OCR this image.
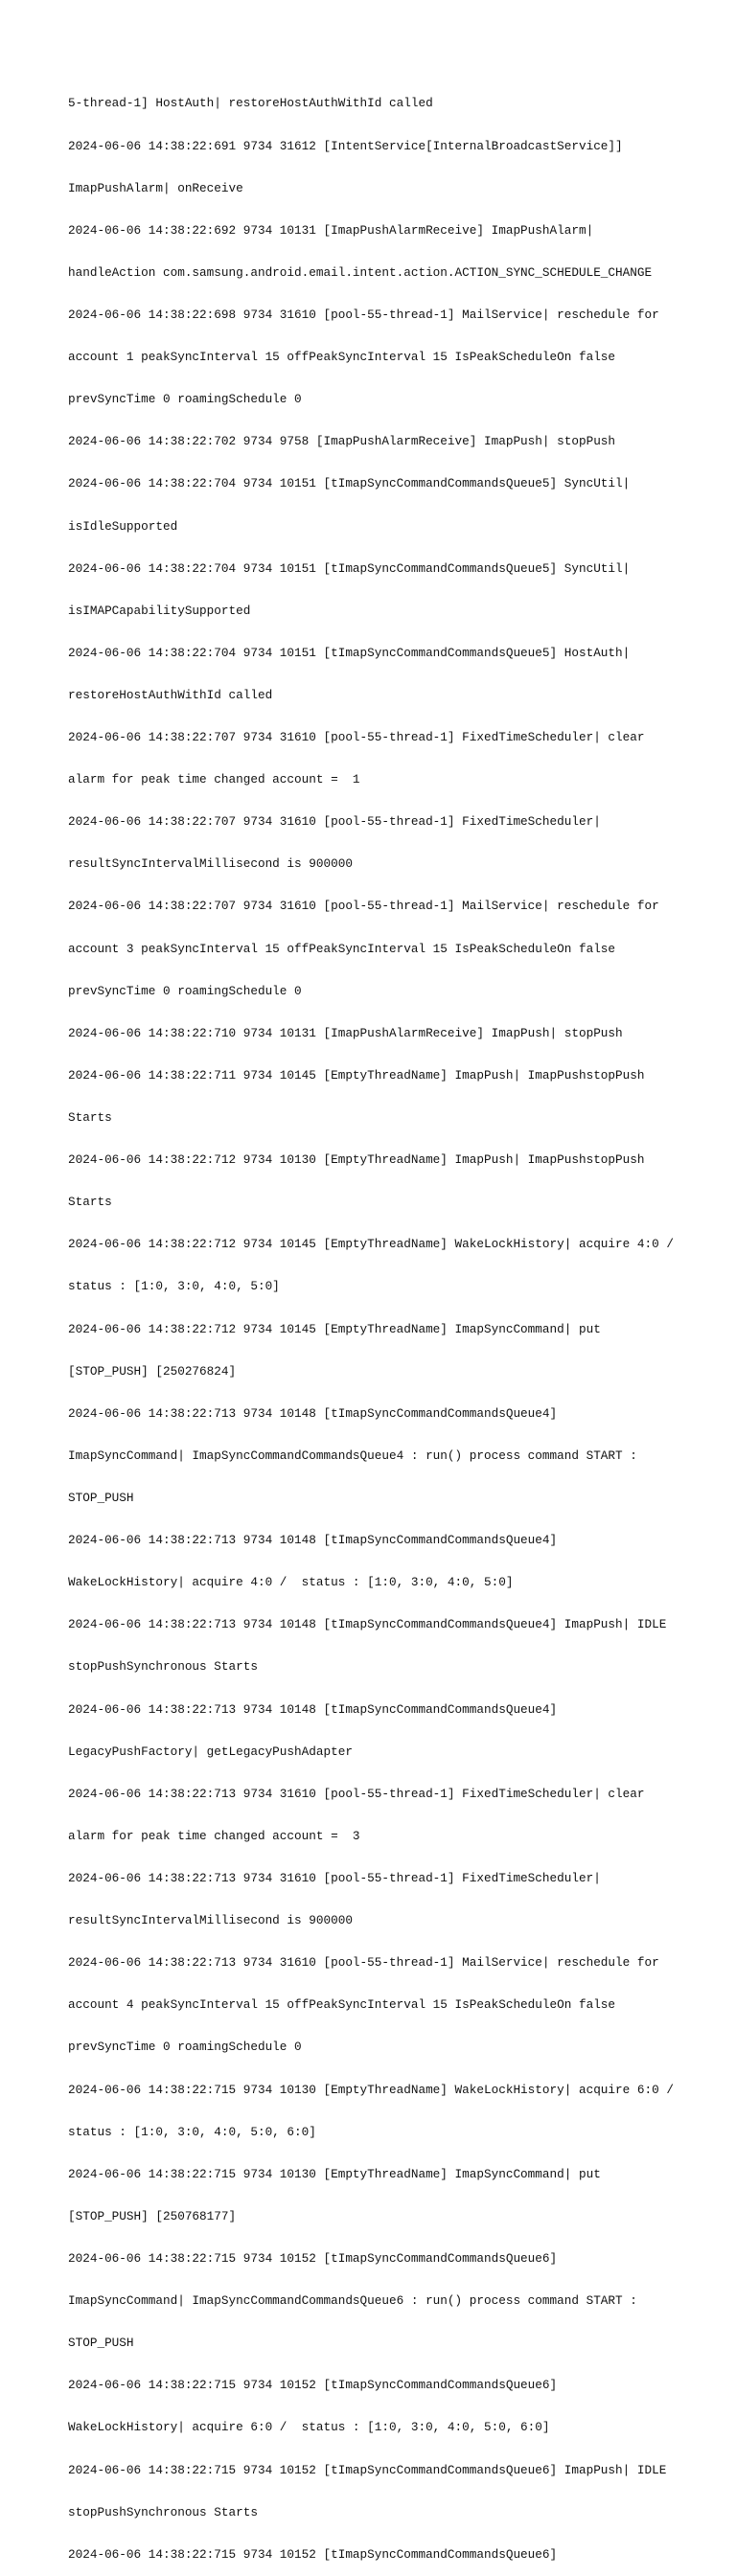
5-thread-1] HostAuth| restoreHostAuthWithId called

2024-06-06 14:38:22:691 9734 31612 [IntentService[InternalBroadcastService]]

ImapPushAlarm| onReceive

2024-06-06 14:38:22:692 9734 10131 [ImapPushAlarmReceive] ImapPushAlarm|

handleAction com.samsung.android.email.intent.action.ACTION_SYNC_SCHEDULE_CHANGE

2024-06-06 14:38:22:698 9734 31610 [pool-55-thread-1] MailService| reschedule for

account 1 peakSyncInterval 15 offPeakSyncInterval 15 IsPeakScheduleOn false

prevSyncTime 0 roamingSchedule 0

2024-06-06 14:38:22:702 9734 9758 [ImapPushAlarmReceive] ImapPush| stopPush

2024-06-06 14:38:22:704 9734 10151 [tImapSyncCommandCommandsQueue5] SyncUtil|

isIdleSupported

2024-06-06 14:38:22:704 9734 10151 [tImapSyncCommandCommandsQueue5] SyncUtil|

isIMAPCapabilitySupported

2024-06-06 14:38:22:704 9734 10151 [tImapSyncCommandCommandsQueue5] HostAuth|

restoreHostAuthWithId called

2024-06-06 14:38:22:707 9734 31610 [pool-55-thread-1] FixedTimeScheduler| clear

alarm for peak time changed account =  1

2024-06-06 14:38:22:707 9734 31610 [pool-55-thread-1] FixedTimeScheduler|

resultSyncIntervalMillisecond is 900000

2024-06-06 14:38:22:707 9734 31610 [pool-55-thread-1] MailService| reschedule for

account 3 peakSyncInterval 15 offPeakSyncInterval 15 IsPeakScheduleOn false

prevSyncTime 0 roamingSchedule 0

2024-06-06 14:38:22:710 9734 10131 [ImapPushAlarmReceive] ImapPush| stopPush

2024-06-06 14:38:22:711 9734 10145 [EmptyThreadName] ImapPush| ImapPushstopPush

Starts

2024-06-06 14:38:22:712 9734 10130 [EmptyThreadName] ImapPush| ImapPushstopPush

Starts

2024-06-06 14:38:22:712 9734 10145 [EmptyThreadName] WakeLockHistory| acquire 4:0 /

status : [1:0, 3:0, 4:0, 5:0]

2024-06-06 14:38:22:712 9734 10145 [EmptyThreadName] ImapSyncCommand| put

[STOP_PUSH] [250276824]

2024-06-06 14:38:22:713 9734 10148 [tImapSyncCommandCommandsQueue4]

ImapSyncCommand| ImapSyncCommandCommandsQueue4 : run() process command START :

STOP_PUSH

2024-06-06 14:38:22:713 9734 10148 [tImapSyncCommandCommandsQueue4]

WakeLockHistory| acquire 4:0 /  status : [1:0, 3:0, 4:0, 5:0]

2024-06-06 14:38:22:713 9734 10148 [tImapSyncCommandCommandsQueue4] ImapPush| IDLE

stopPushSynchronous Starts

2024-06-06 14:38:22:713 9734 10148 [tImapSyncCommandCommandsQueue4]

LegacyPushFactory| getLegacyPushAdapter

2024-06-06 14:38:22:713 9734 31610 [pool-55-thread-1] FixedTimeScheduler| clear

alarm for peak time changed account =  3

2024-06-06 14:38:22:713 9734 31610 [pool-55-thread-1] FixedTimeScheduler|

resultSyncIntervalMillisecond is 900000

2024-06-06 14:38:22:713 9734 31610 [pool-55-thread-1] MailService| reschedule for

account 4 peakSyncInterval 15 offPeakSyncInterval 15 IsPeakScheduleOn false

prevSyncTime 0 roamingSchedule 0

2024-06-06 14:38:22:715 9734 10130 [EmptyThreadName] WakeLockHistory| acquire 6:0 /

status : [1:0, 3:0, 4:0, 5:0, 6:0]

2024-06-06 14:38:22:715 9734 10130 [EmptyThreadName] ImapSyncCommand| put

[STOP_PUSH] [250768177]

2024-06-06 14:38:22:715 9734 10152 [tImapSyncCommandCommandsQueue6]

ImapSyncCommand| ImapSyncCommandCommandsQueue6 : run() process command START :

STOP_PUSH

2024-06-06 14:38:22:715 9734 10152 [tImapSyncCommandCommandsQueue6]

WakeLockHistory| acquire 6:0 /  status : [1:0, 3:0, 4:0, 5:0, 6:0]

2024-06-06 14:38:22:715 9734 10152 [tImapSyncCommandCommandsQueue6] ImapPush| IDLE

stopPushSynchronous Starts

2024-06-06 14:38:22:715 9734 10152 [tImapSyncCommandCommandsQueue6]
